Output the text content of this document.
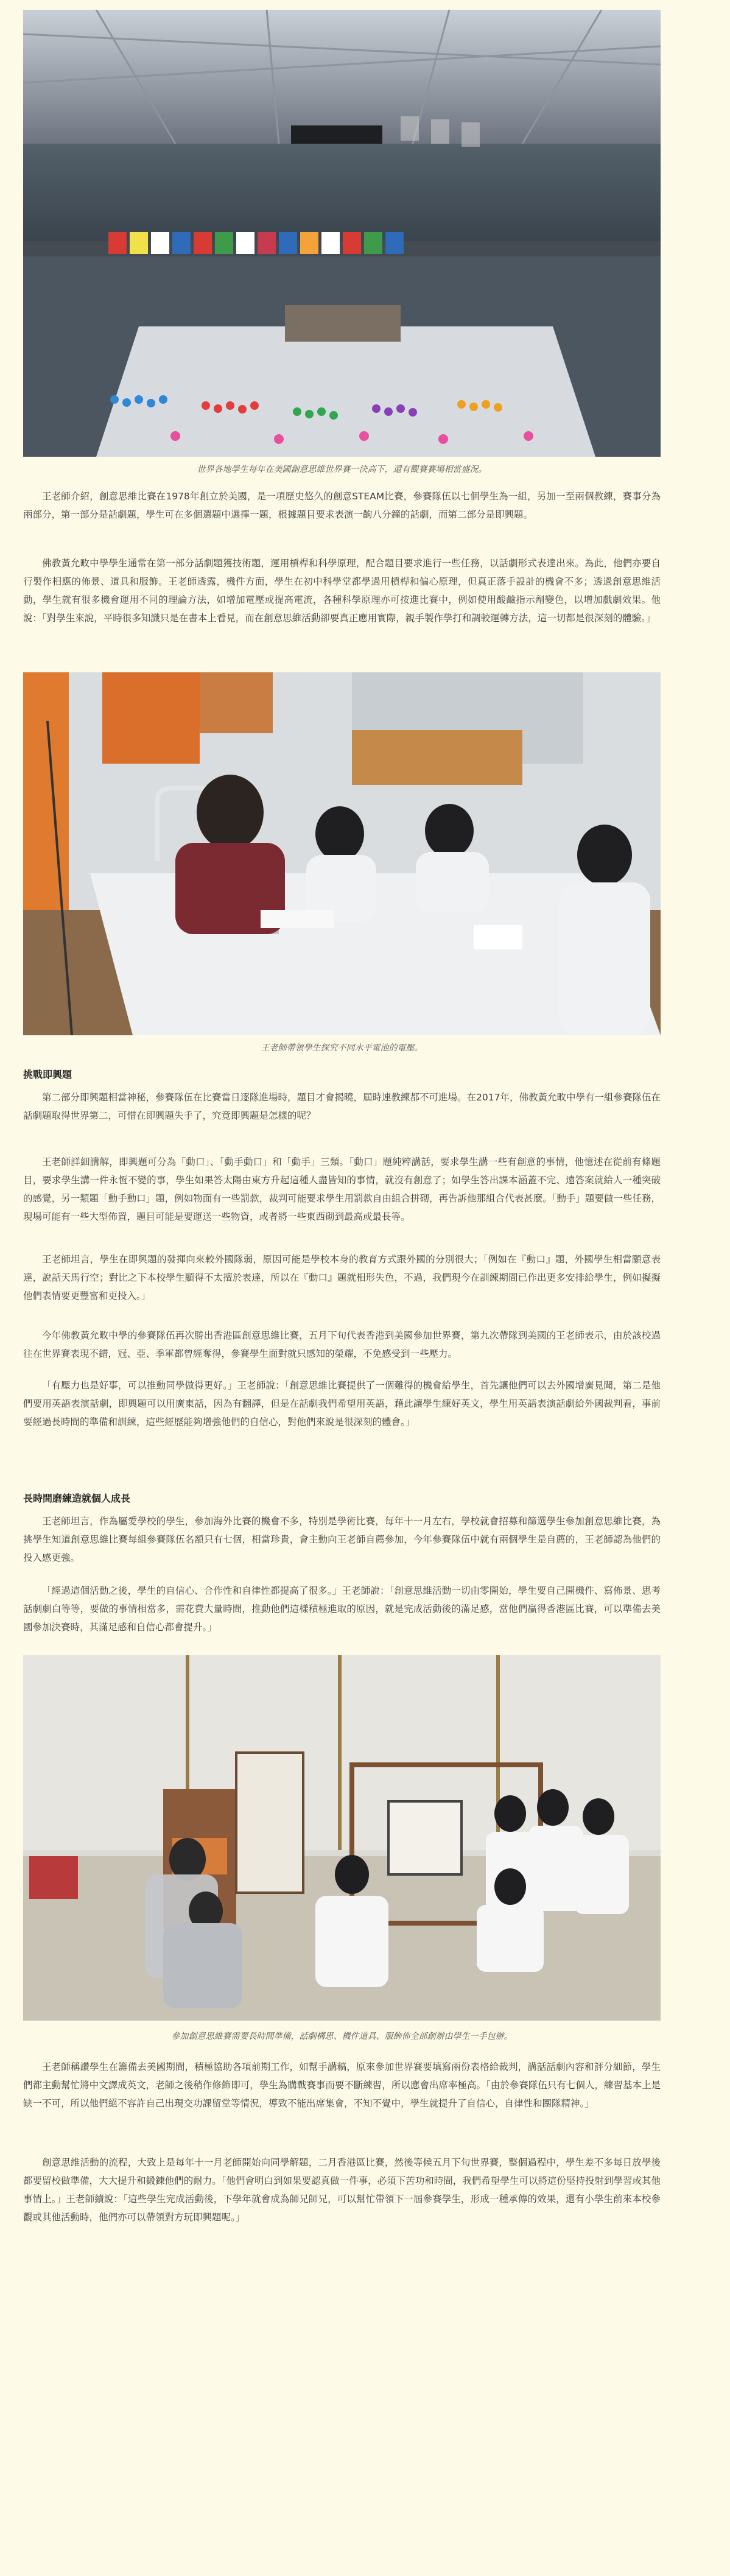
世界各地學生每年在美國創意思維世界賽一決高下，還有觀賽賽場相當盛況。

王老師介紹，創意思維比賽在1978年創立於美國，是一項歷史悠久的創意STEAM比賽，參賽隊伍以七個學生為一組，另加一至兩個教練，賽事分為兩部分，第一部分是話劇題，學生可在多個選題中選擇一題，根據題目要求表演一齣八分鐘的話劇，而第二部分是即興題。

佛教黃允畋中學學生通常在第一部分話劇題獲技術題，運用槓桿和科學原理，配合題目要求進行一些任務，以話劇形式表達出來。為此，他們亦要自行製作相應的佈景、道具和服飾。王老師透露，機件方面，學生在初中科學堂都學過用槓桿和偏心原理，但真正落手設計的機會不多；透過創意思維活動，學生就有很多機會運用不同的理論方法，如增加電壓或提高電流，各種科學原理亦可按進比賽中，例如使用酸鹼指示劑變色，以增加戲劇效果。他說：「對學生來說，平時很多知識只是在書本上看見，而在創意思維活動卻要真正應用實際，親手製作學打和調較運轉方法，這一切都是很深刻的體驗。」

王老師帶領學生探究不同水平電池的電壓。
挑戰即興題

第二部分即興題相當神秘，參賽隊伍在比賽當日逐隊進場時，題目才會揭曉，屆時連教練都不可進場。在2017年，佛教黃允畋中學有一組參賽隊伍在話劇題取得世界第二，可惜在即興題失手了，究竟即興題是怎樣的呢？

王老師詳細講解，即興題可分為「動口」、「動手動口」和「動手」三類。「動口」題純粹講話，要求學生講一些有創意的事情，他憶述在從前有條題目，要求學生講一件永恆不變的事，學生如果答太陽由東方升起這種人盡皆知的事情，就沒有創意了；如學生答出課本涵蓋不完、遠答案就給人一種突破的感覺，另一類題「動手動口」題，例如物面有一些罰款，裁判可能要求學生用罰款自由組合拼砌，再告訴他那組合代表甚麼。「動手」題要做一些任務，現場可能有一些大型佈置，題目可能是要運送一些物資，或者將一些東西砌到最高或最長等。

王老師坦言，學生在即興題的發揮向來較外國隊弱，原因可能是學校本身的教育方式跟外國的分別很大；「例如在『動口』題，外國學生相當願意表達，說話天馬行空；對比之下本校學生顯得不太擅於表達，所以在『動口』題就相形失色，不過，我們現今在訓練期間已作出更多安排給學生，例如擬擬他們表情要更豐富和更投入。」

今年佛教黃允畋中學的參賽隊伍再次勝出香港區創意思維比賽，五月下旬代表香港到美國參加世界賽，第九次帶隊到美國的王老師表示，由於該校過往在世界賽表現不錯，冠、亞、季軍都曾經奪得，參賽學生面對就只感知的榮耀，不免感受到一些壓力。

「有壓力也是好事，可以推動同學做得更好。」王老師說：「創意思維比賽提供了一個難得的機會給學生，首先讓他們可以去外國增廣見聞，第二是他們要用英語表演話劇，即興題可以用廣東話，因為有翻譯，但是在話劇我們希望用英語，藉此讓學生練好英文，學生用英語表演話劇給外國裁判看，事前要經過長時間的準備和訓練，這些經歷能夠增強他們的自信心，對他們來說是很深刻的體會。」

長時間磨練造就個人成長

王老師坦言，作為屬愛學校的學生，參加海外比賽的機會不多，特別是學術比賽，每年十一月左右，學校就會招募和篩選學生參加創意思維比賽，為挑學生知道創意思維比賽每組參賽隊伍名額只有七個，相當珍貴，會主動向王老師自薦參加，今年參賽隊伍中就有兩個學生是自薦的，王老師認為他們的投入感更強。

「經過這個活動之後，學生的自信心、合作性和自律性都提高了很多。」王老師說：「創意思維活動一切由零開始，學生要自己開機件、寫佈景、思考話劇劇白等等，要做的事情相當多，需花費大量時間，推動他們這樣積極進取的原因，就是完成活動後的滿足感，當他們贏得香港區比賽，可以準備去美國參加決賽時，其滿足感和自信心都會提升。」

參加創意思維賽需要長時間準備，話劇構思、機件道具、服飾佈全部創辦由學生一手包辦。

王老師稱讚學生在籌備去美國期間，積極協助各項前期工作，如幫手講稿，原來參加世界賽要填寫兩份表格給裁判，講話話劇內容和評分細節，學生們都主動幫忙將中文譯成英文，老師之後稍作修飾即可，學生為購戰賽事而要不斷練習，所以應會出席率極高。「由於參賽隊伍只有七個人，練習基本上是缺一不可，所以他們絕不容許自己出現交功課留堂等情況，導致不能出席集會，不知不覺中，學生就提升了自信心，自律性和團隊精神。」

創意思維活動的流程，大致上是每年十一月老師開始向同學解題，二月香港區比賽，然後等候五月下旬世界賽，整個過程中，學生差不多每日放學後都要留校做準備，大大提升和鍛鍊他們的耐力。「他們會明白到如果要認真做一件事，必須下苦功和時間，我們希望學生可以將這份堅持投射到學習或其他事情上。」王老師續說：「這些學生完成活動後，下學年就會成為師兄師兄，可以幫忙帶領下一屆參賽學生，形成一種承傳的效果，還有小學生前來本校參觀或其他活動時，他們亦可以帶領對方玩即興題呢。」
